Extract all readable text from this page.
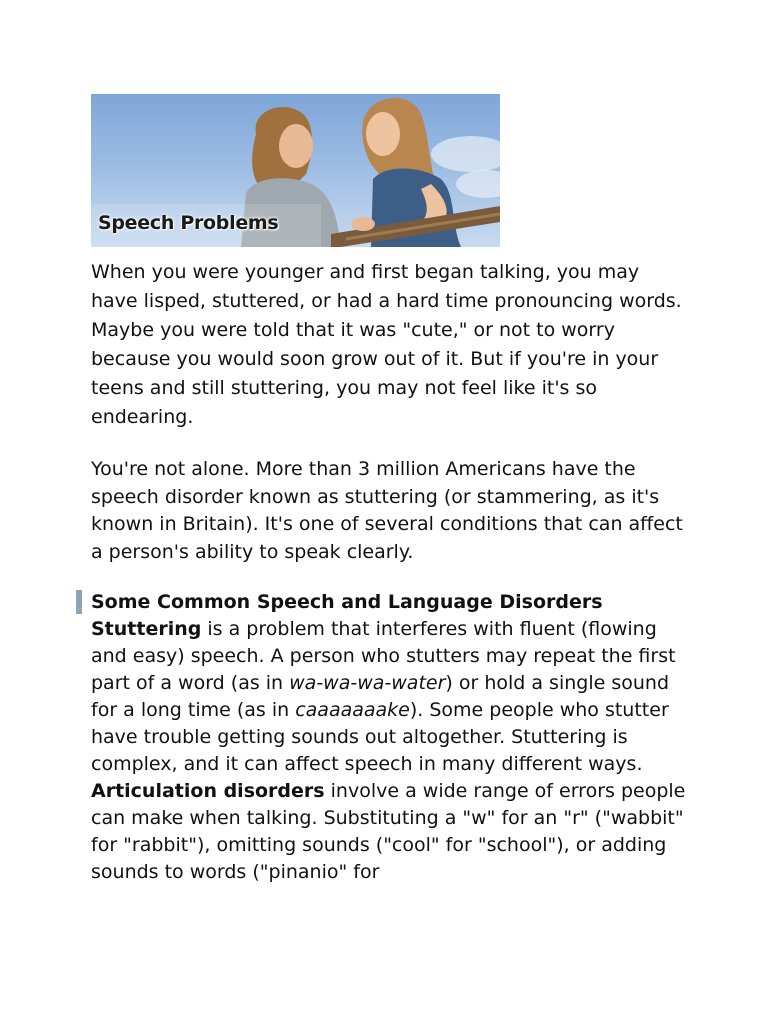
Speech Problems

When you were younger and first began talking, you may have lisped, stuttered, or had a hard time pronouncing words. Maybe you were told that it was "cute," or not to worry because you would soon grow out of it. But if you're in your teens and still stuttering, you may not feel like it's so endearing.

You're not alone. More than 3 million Americans have the speech disorder known as stuttering (or stammering, as it's known in Britain). It's one of several conditions that can affect a person's ability to speak clearly.

Some Common Speech and Language Disorders

Stuttering is a problem that interferes with fluent (flowing and easy) speech. A person who stutters may repeat the first part of a word (as in wa-wa-wa-water) or hold a single sound for a long time (as in caaaaaaake). Some people who stutter have trouble getting sounds out altogether. Stuttering is complex, and it can affect speech in many different ways.

Articulation disorders involve a wide range of errors people can make when talking. Substituting a "w" for an "r" ("wabbit" for "rabbit"), omitting sounds ("cool" for "school"), or adding sounds to words ("pinanio" for
